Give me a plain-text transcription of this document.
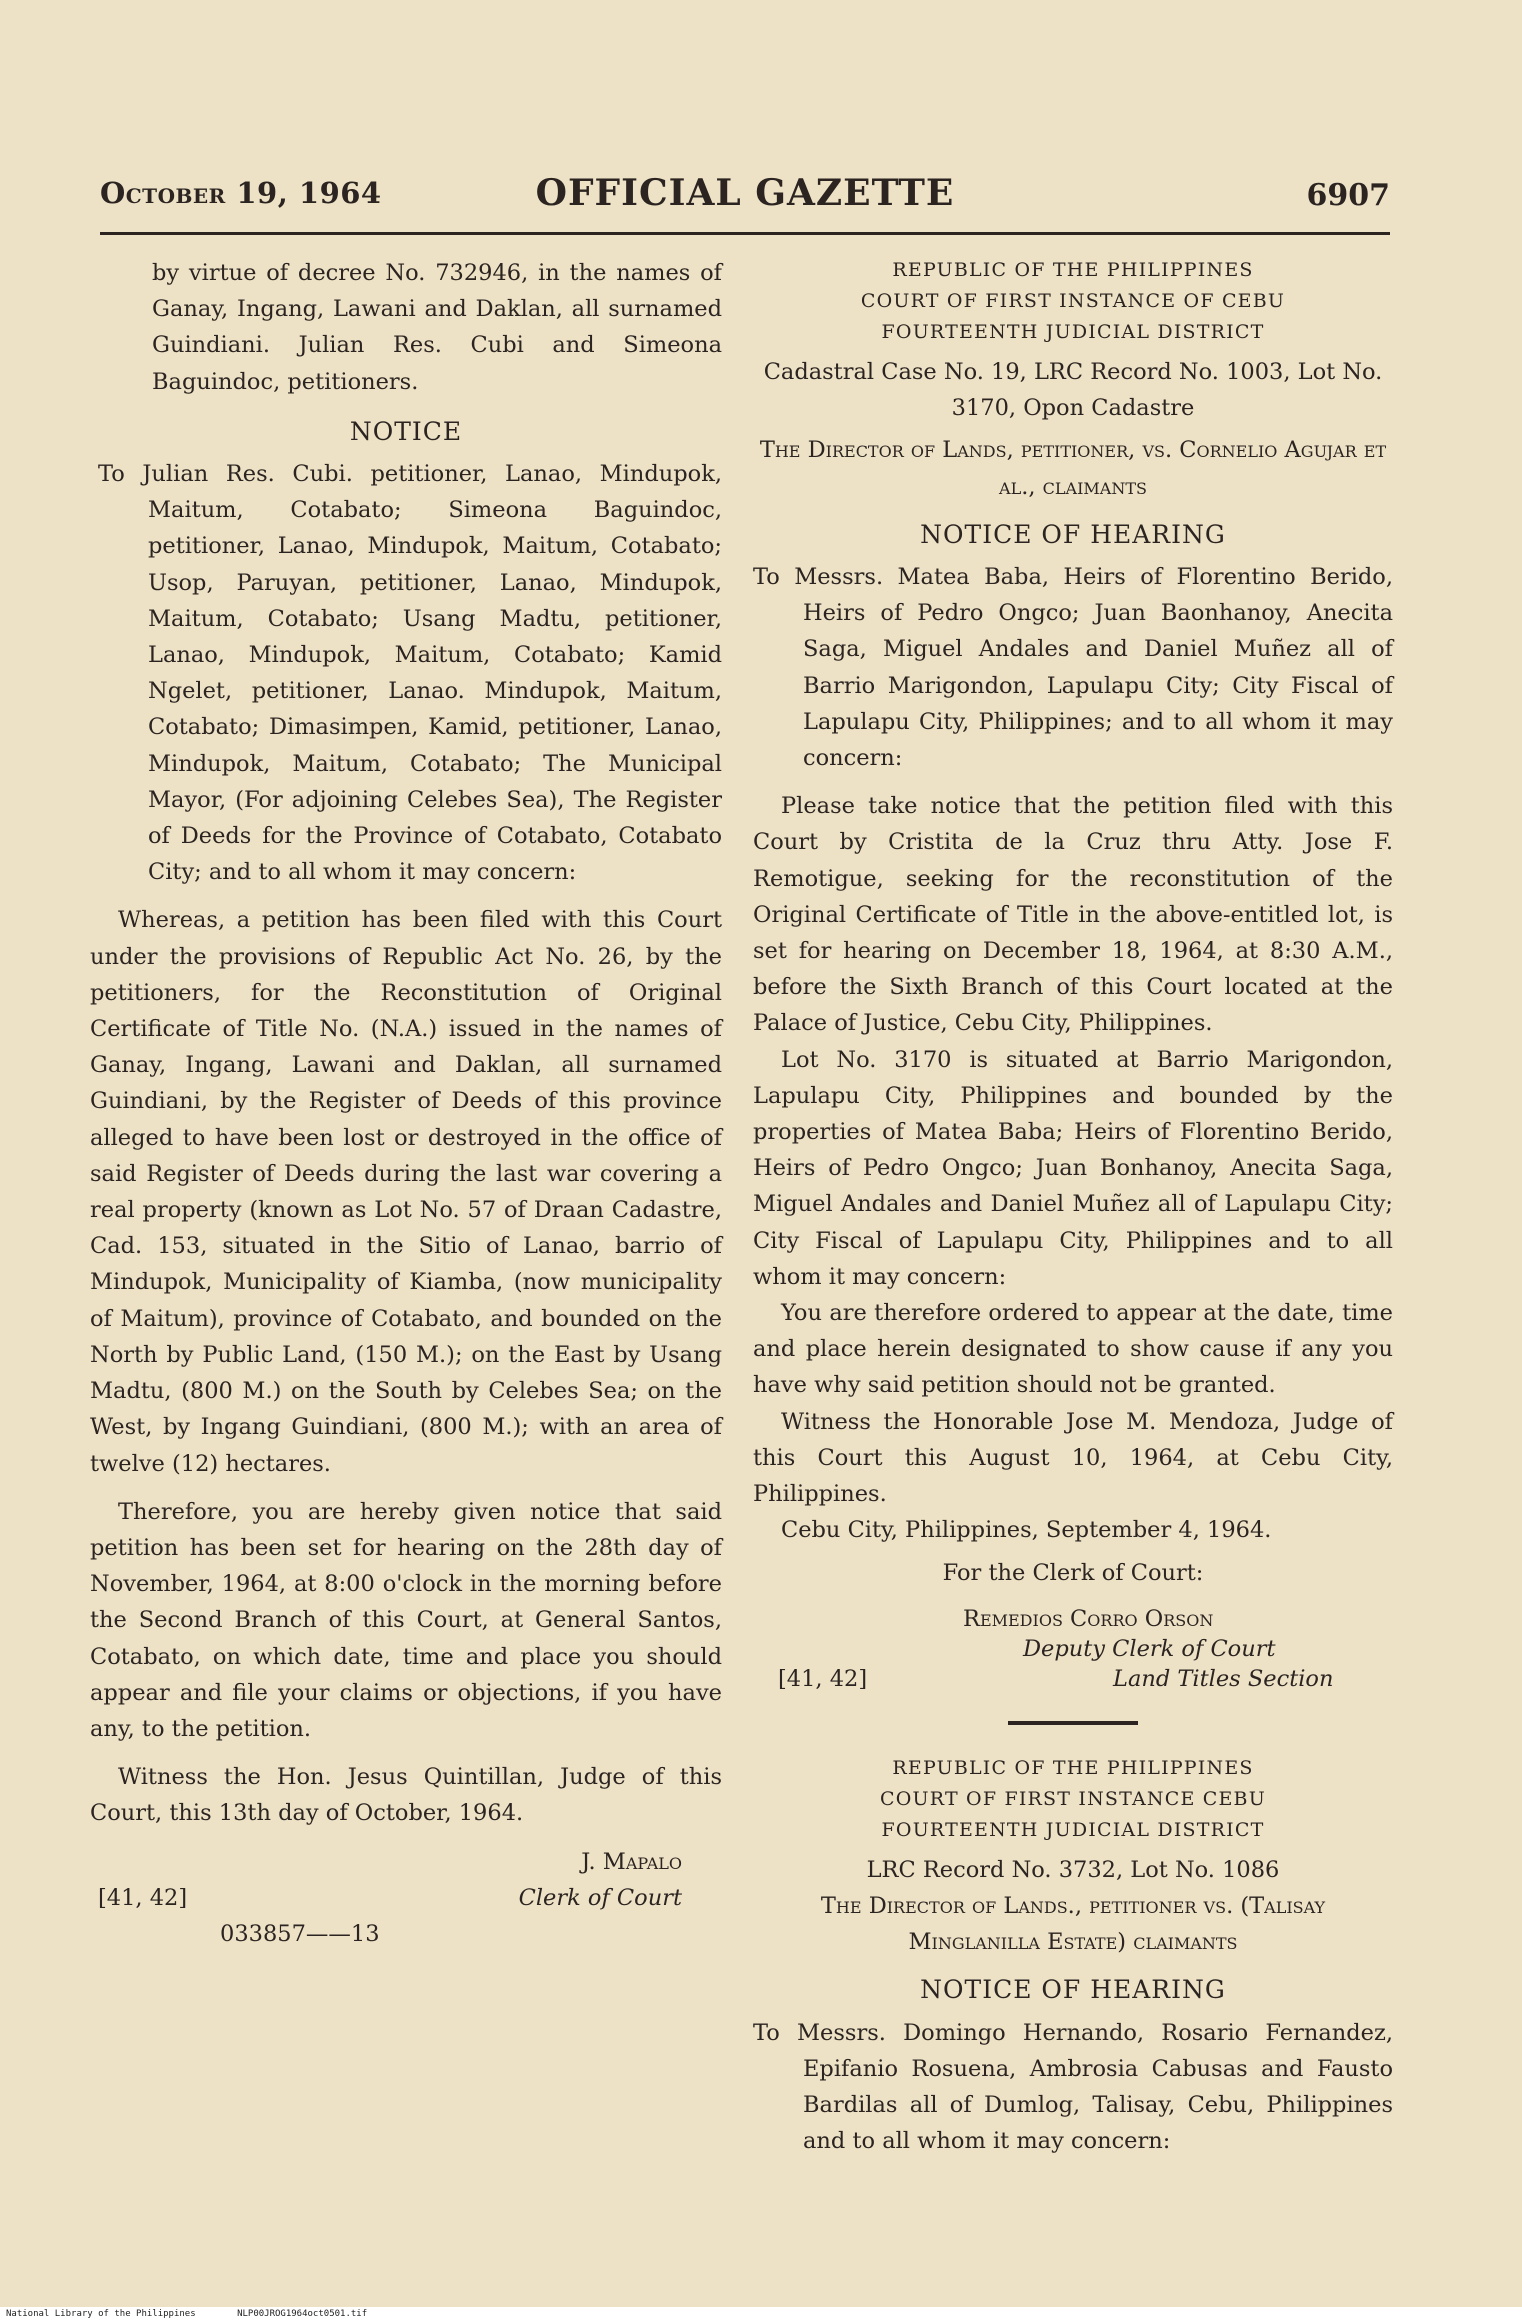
October 19, 1964	OFFICIAL GAZETTE	6907

by virtue of decree No. 732946, in the names of Ganay, Ingang, Lawani and Daklan, all surnamed Guindiani. Julian Res. Cubi and Simeona Baguindoc, petitioners.

NOTICE

To Julian Res. Cubi. petitioner, Lanao, Mindupok, Maitum, Cotabato; Simeona Baguindoc, petitioner, Lanao, Mindupok, Maitum, Cotabato; Usop, Paruyan, petitioner, Lanao, Mindupok, Maitum, Cotabato; Usang Madtu, petitioner, Lanao, Mindupok, Maitum, Cotabato; Kamid Ngelet, petitioner, Lanao. Mindupok, Maitum, Cotabato; Dimasimpen, Kamid, petitioner, Lanao, Mindupok, Maitum, Cotabato; The Municipal Mayor, (For adjoining Celebes Sea), The Register of Deeds for the Province of Cotabato, Cotabato City; and to all whom it may concern:

Whereas, a petition has been filed with this Court under the provisions of Republic Act No. 26, by the petitioners, for the Reconstitution of Original Certificate of Title No. (N.A.) issued in the names of Ganay, Ingang, Lawani and Daklan, all surnamed Guindiani, by the Register of Deeds of this province alleged to have been lost or destroyed in the office of said Register of Deeds during the last war covering a real property (known as Lot No. 57 of Draan Cadastre, Cad. 153, situated in the Sitio of Lanao, barrio of Mindupok, Municipality of Kiamba, (now municipality of Maitum), province of Cotabato, and bounded on the North by Public Land, (150 M.); on the East by Usang Madtu, (800 M.) on the South by Celebes Sea; on the West, by Ingang Guindiani, (800 M.); with an area of twelve (12) hectares.

Therefore, you are hereby given notice that said petition has been set for hearing on the 28th day of November, 1964, at 8:00 o'clock in the morning before the Second Branch of this Court, at General Santos, Cotabato, on which date, time and place you should appear and file your claims or objections, if you have any, to the petition.

Witness the Hon. Jesus Quintillan, Judge of this Court, this 13th day of October, 1964.

J. Mapalo
Clerk of Court
[41, 42]
033857——13
REPUBLIC OF THE PHILIPPINES
COURT OF FIRST INSTANCE OF CEBU
FOURTEENTH JUDICIAL DISTRICT

Cadastral Case No. 19, LRC Record No. 1003, Lot No. 3170, Opon Cadastre

The Director of Lands, petitioner, vs. Cornelio Agujar et al., claimants

NOTICE OF HEARING

To Messrs. Matea Baba, Heirs of Florentino Berido, Heirs of Pedro Ongco; Juan Baonhanoy, Anecita Saga, Miguel Andales and Daniel Muñez all of Barrio Marigondon, Lapulapu City; City Fiscal of Lapulapu City, Philippines; and to all whom it may concern:

Please take notice that the petition filed with this Court by Cristita de la Cruz thru Atty. Jose F. Remotigue, seeking for the reconstitution of the Original Certificate of Title in the above-entitled lot, is set for hearing on December 18, 1964, at 8:30 A.M., before the Sixth Branch of this Court located at the Palace of Justice, Cebu City, Philippines.

Lot No. 3170 is situated at Barrio Marigondon, Lapulapu City, Philippines and bounded by the properties of Matea Baba; Heirs of Florentino Berido, Heirs of Pedro Ongco; Juan Bonhanoy, Anecita Saga, Miguel Andales and Daniel Muñez all of Lapulapu City; City Fiscal of Lapulapu City, Philippines and to all whom it may concern:

You are therefore ordered to appear at the date, time and place herein designated to show cause if any you have why said petition should not be granted.

Witness the Honorable Jose M. Mendoza, Judge of this Court this August 10, 1964, at Cebu City, Philippines.

Cebu City, Philippines, September 4, 1964.

For the Clerk of Court:

Remedios Corro Orson
Deputy Clerk of Court
Land Titles Section
[41, 42]
REPUBLIC OF THE PHILIPPINES
COURT OF FIRST INSTANCE CEBU
FOURTEENTH JUDICIAL DISTRICT

LRC Record No. 3732, Lot No. 1086

The Director of Lands., petitioner vs. (Talisay Minglanilla Estate) claimants

NOTICE OF HEARING

To Messrs. Domingo Hernando, Rosario Fernandez, Epifanio Rosuena, Ambrosia Cabusas and Fausto Bardilas all of Dumlog, Talisay, Cebu, Philippines and to all whom it may concern:

National Library of the Philippines	NLP00JROG1964oct0501.tif
